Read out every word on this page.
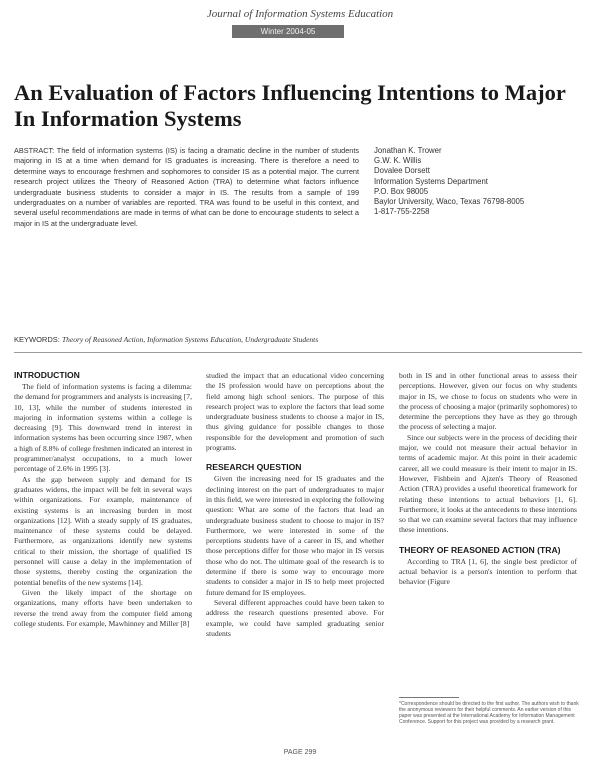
Journal of Information Systems Education
Winter 2004-05
An Evaluation of Factors Influencing Intentions to Major In Information Systems
ABSTRACT: The field of information systems (IS) is facing a dramatic decline in the number of students majoring in IS at a time when demand for IS graduates is increasing. There is therefore a need to determine ways to encourage freshmen and sophomores to consider IS as a potential major. The current research project utilizes the Theory of Reasoned Action (TRA) to determine what factors influence undergraduate business students to consider a major in IS. The results from a sample of 199 undergraduates on a number of variables are reported. TRA was found to be useful in this context, and several useful recommendations are made in terms of what can be done to encourage students to select a major in IS at the undergraduate level.
Jonathan K. Trower
G.W. K. Willis
Dovalee Dorsett
Information Systems Department
P.O. Box 98005
Baylor University, Waco, Texas 76798-8005
1-817-755-2258
KEYWORDS: Theory of Reasoned Action, Information Systems Education, Undergraduate Students
INTRODUCTION

The field of information systems is facing a dilemma: the demand for programmers and analysts is increasing [7, 10, 13], while the number of students interested in majoring in information systems within a college is decreasing [9]. This downward trend in interest in information systems has been occurring since 1987, when a high of 8.8% of college freshmen indicated an interest in programmer/analyst occupations, to a much lower percentage of 2.6% in 1995 [3].

As the gap between supply and demand for IS graduates widens, the impact will be felt in several ways within organizations. For example, maintenance of existing systems is an increasing burden in most organizations [12]. With a steady supply of IS graduates, maintenance of these systems could be delayed. Furthermore, as organizations identify new systems critical to their mission, the shortage of qualified IS personnel will cause a delay in the implementation of those systems, thereby costing the organization the potential benefits of the new systems [14].

Given the likely impact of the shortage on organizations, many efforts have been undertaken to reverse the trend away from the computer field among college students. For example, Mawhinney and Miller [8]

studied the impact that an educational video concerning the IS profession would have on perceptions about the field among high school seniors. The purpose of this research project was to explore the factors that lead some undergraduate business students to choose a major in IS, thus giving guidance for possible changes to those responsible for the development and promotion of such programs.

RESEARCH QUESTION

Given the increasing need for IS graduates and the declining interest on the part of undergraduates to major in this field, we were interested in exploring the following question: What are some of the factors that lead an undergraduate business student to choose to major in IS? Furthermore, we were interested in some of the perceptions students have of a career in IS, and whether those perceptions differ for those who major in IS versus those who do not. The ultimate goal of the research is to determine if there is some way to encourage more students to consider a major in IS to help meet projected future demand for IS employees.

Several different approaches could have been taken to address the research questions presented above. For example, we could have sampled graduating senior students

both in IS and in other functional areas to assess their perceptions. However, given our focus on why students major in IS, we chose to focus on students who were in the process of choosing a major (primarily sophomores) to determine the perceptions they have as they go through the process of selecting a major.

Since our subjects were in the process of deciding their major, we could not measure their actual behavior in terms of academic major. At this point in their academic career, all we could measure is their intent to major in IS. However, Fishbein and Ajzen's Theory of Reasoned Action (TRA) provides a useful theoretical framework for relating these intentions to actual behaviors [1, 6]. Furthermore, it looks at the antecedents to these intentions so that we can examine several factors that may influence these intentions.

THEORY OF REASONED ACTION (TRA)

According to TRA [1, 6], the single best predictor of actual behavior is a person's intention to perform that behavior (Figure

*Correspondence should be directed to the first author. The authors wish to thank the anonymous reviewers for their helpful comments. An earlier version of this paper was presented at the International Academy for Information Management Conference. Support for this project was provided by a research grant.
PAGE 299
